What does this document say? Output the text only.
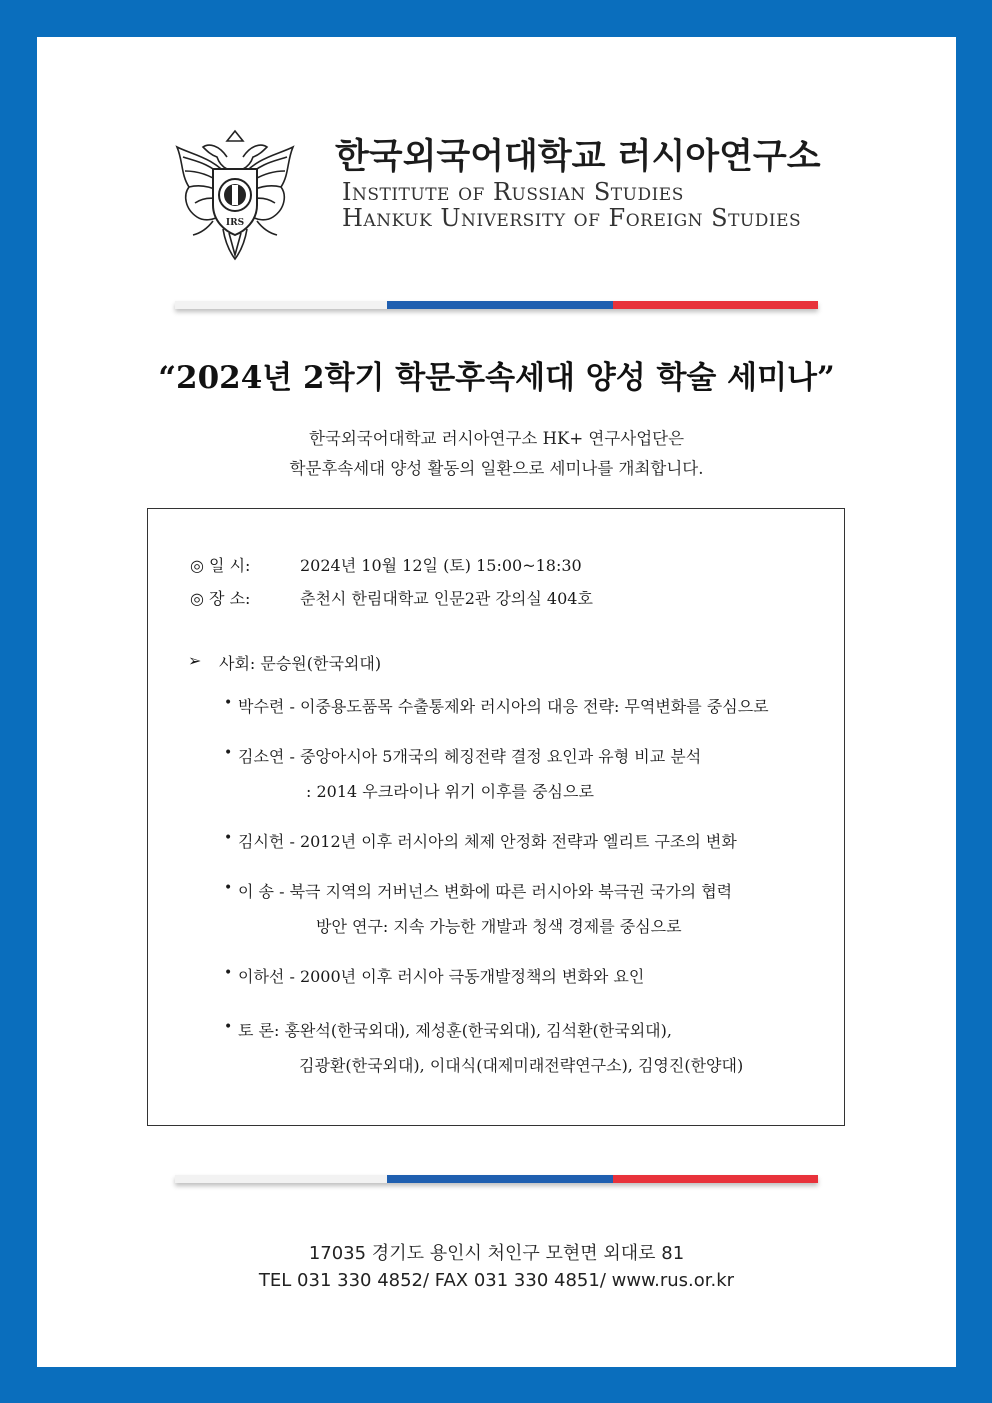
IRS
한국외국어대학교 러시아연구소
Institute of Russian Studies
Hankuk University of Foreign Studies
“2024년 2학기 학문후속세대 양성 학술 세미나”
한국외국어대학교 러시아연구소 HK+ 연구사업단은
학문후속세대 양성 활동의 일환으로 세미나를 개최합니다.
◎ 일 시:	2024년 10월 12일 (토) 15:00~18:30
◎ 장 소:	춘천시 한림대학교 인문2관 강의실 404호
➢ 사회: 문승원(한국외대)
• 박수련 - 이중용도품목 수출통제와 러시아의 대응 전략: 무역변화를 중심으로
• 김소연 - 중앙아시아 5개국의 헤징전략 결정 요인과 유형 비교 분석
: 2014 우크라이나 위기 이후를 중심으로
• 김시헌 - 2012년 이후 러시아의 체제 안정화 전략과 엘리트 구조의 변화
• 이 송 - 북극 지역의 거버넌스 변화에 따른 러시아와 북극권 국가의 협력
방안 연구: 지속 가능한 개발과 청색 경제를 중심으로
• 이하선 - 2000년 이후 러시아 극동개발정책의 변화와 요인
• 토 론: 홍완석(한국외대), 제성훈(한국외대), 김석환(한국외대),
김광환(한국외대), 이대식(대제미래전략연구소), 김영진(한양대)
17035 경기도 용인시 처인구 모현면 외대로 81
TEL 031 330 4852/ FAX 031 330 4851/ www.rus.or.kr
